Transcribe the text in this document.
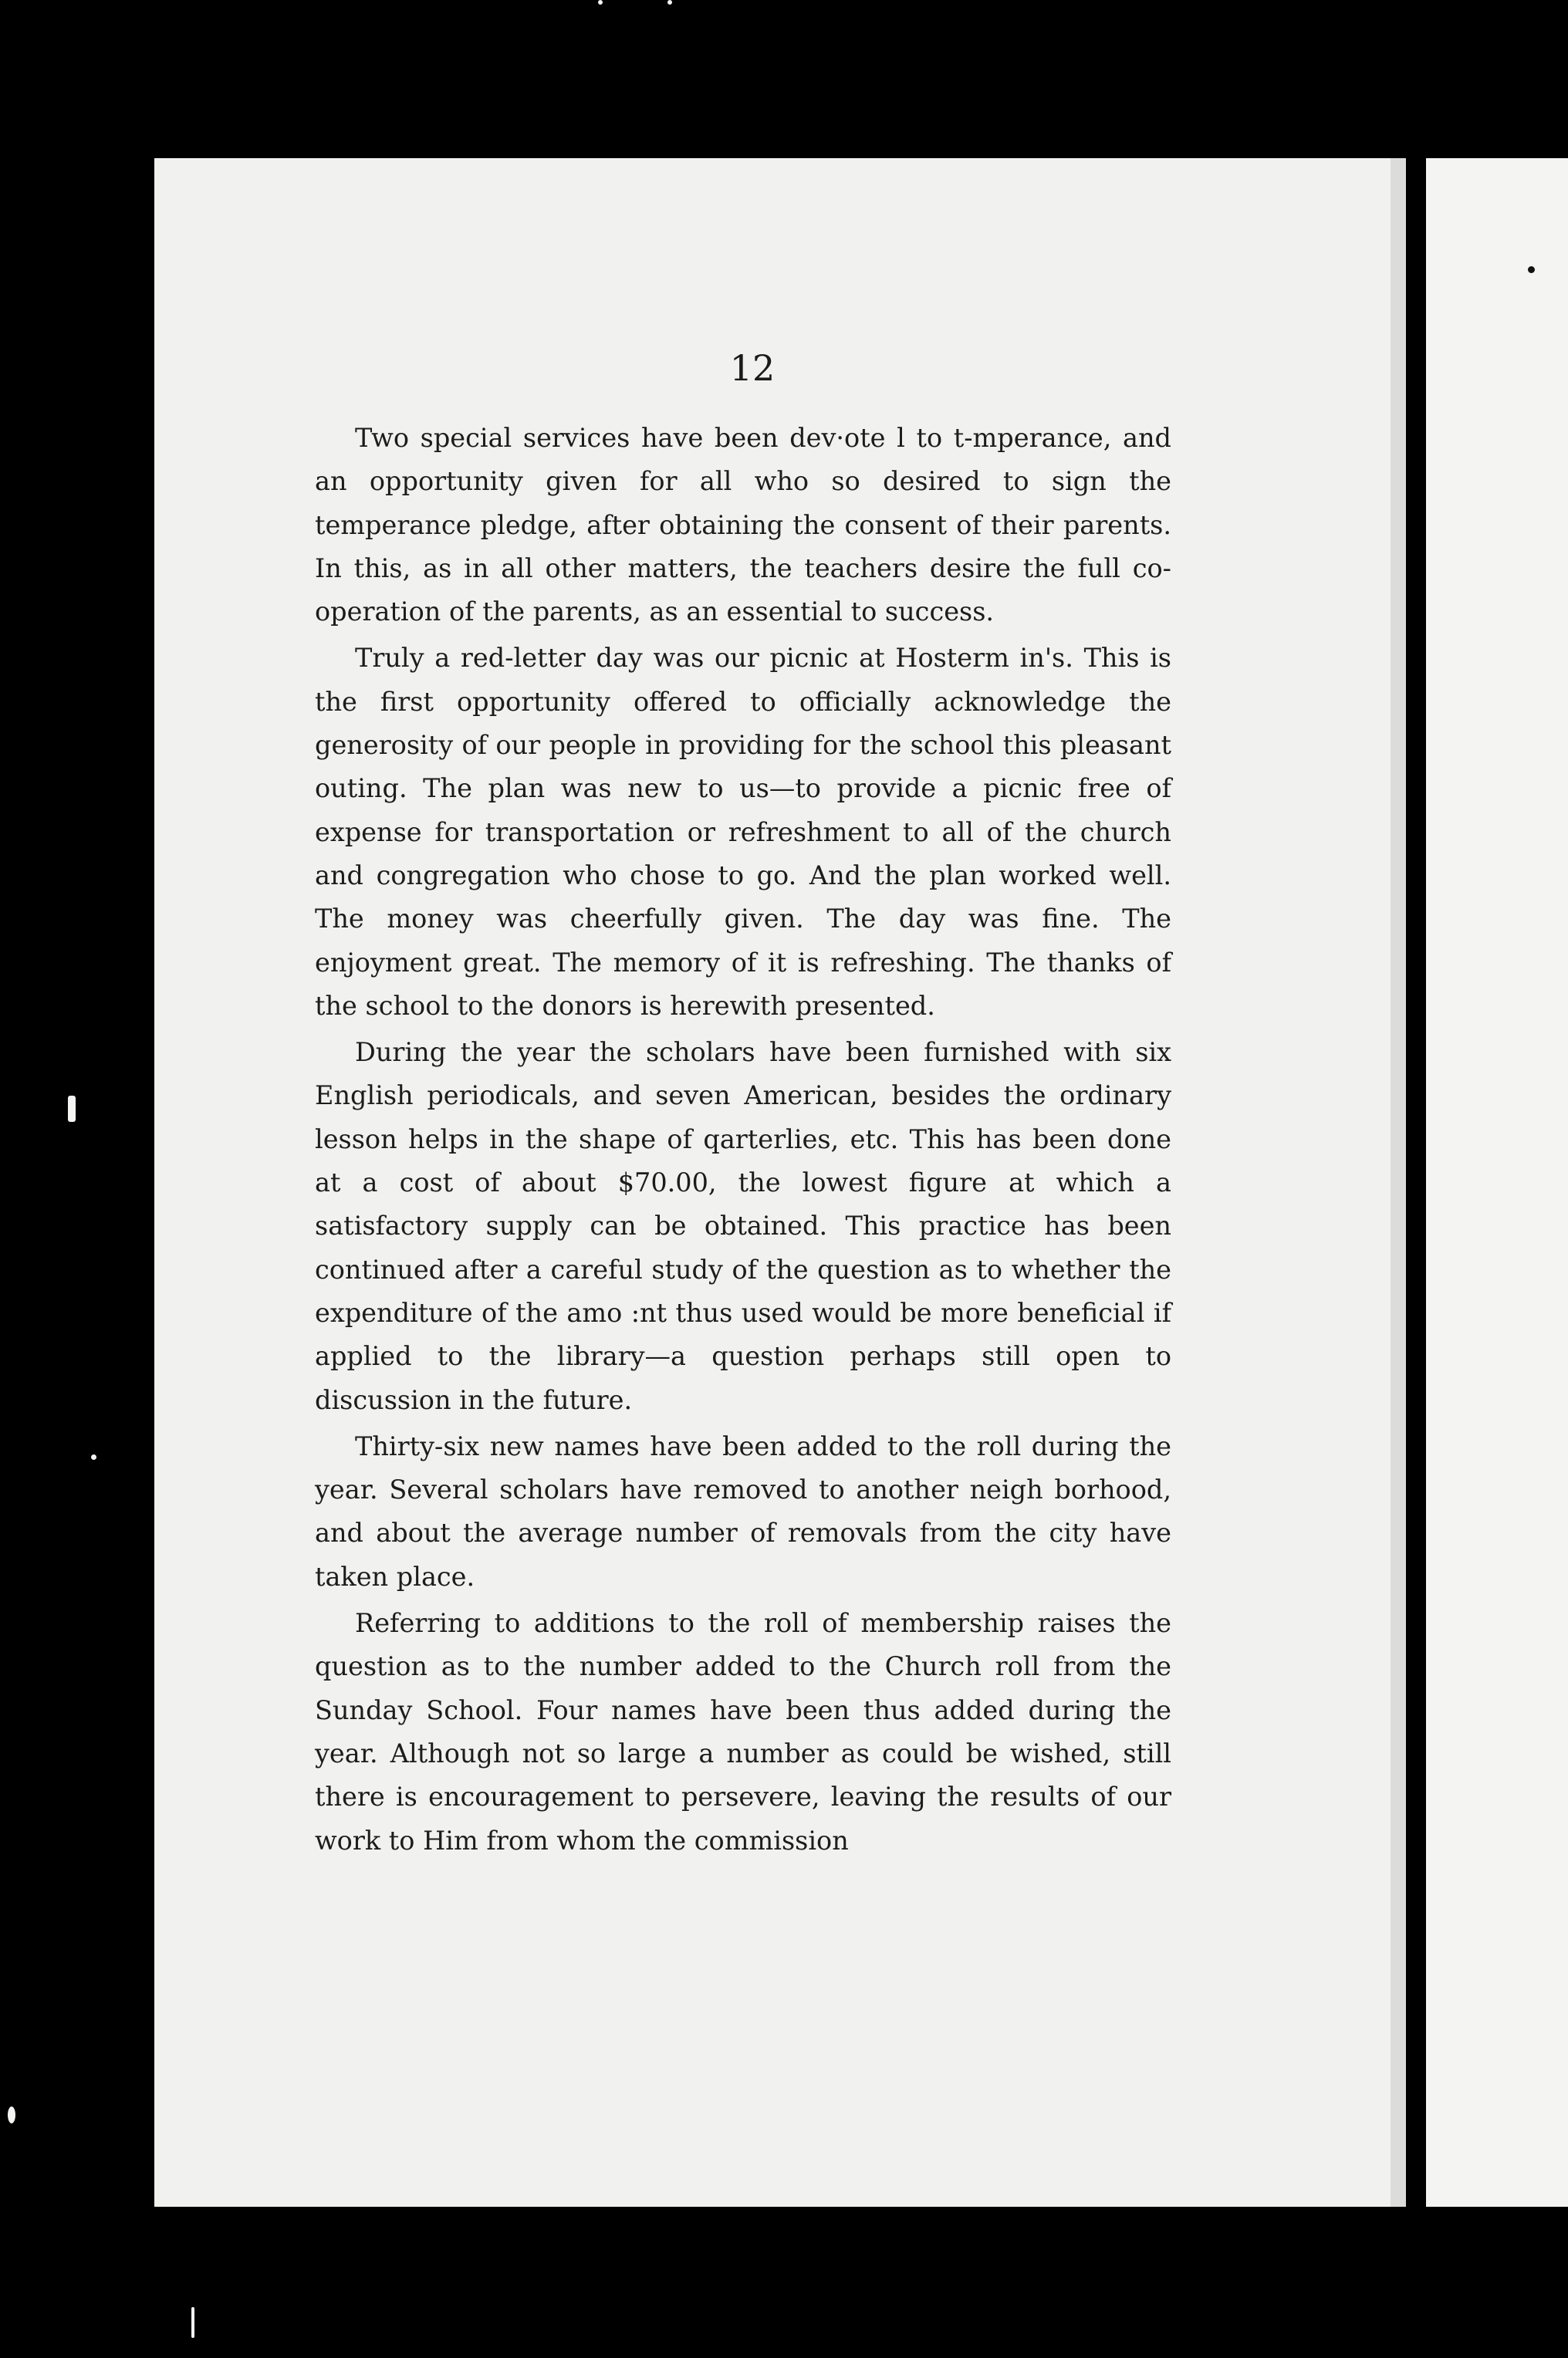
12

Two special services have been dev·ote l to t-mperance, and an opportunity given for all who so desired to sign the temperance pledge, after obtaining the consent of their parents. In this, as in all other matters, the teachers desire the full co-operation of the parents, as an essential to success.

Truly a red-letter day was our picnic at Hosterm in's. This is the first opportunity offered to officially acknowledge the generosity of our people in providing for the school this pleasant outing. The plan was new to us—to provide a picnic free of expense for transportation or refreshment to all of the church and congregation who chose to go. And the plan worked well. The money was cheerfully given. The day was fine. The enjoyment great. The memory of it is refreshing. The thanks of the school to the donors is herewith presented.

During the year the scholars have been furnished with six English periodicals, and seven American, besides the ordinary lesson helps in the shape of qarterlies, etc. This has been done at a cost of about $70.00, the lowest figure at which a satisfactory supply can be obtained. This practice has been continued after a careful study of the question as to whether the expenditure of the amo :nt thus used would be more beneficial if applied to the library—a question perhaps still open to discussion in the future.

Thirty-six new names have been added to the roll during the year. Several scholars have removed to another neigh borhood, and about the average number of removals from the city have taken place.

Referring to additions to the roll of membership raises the question as to the number added to the Church roll from the Sunday School. Four names have been thus added during the year. Although not so large a number as could be wished, still there is encouragement to persevere, leaving the results of our work to Him from whom the commission
